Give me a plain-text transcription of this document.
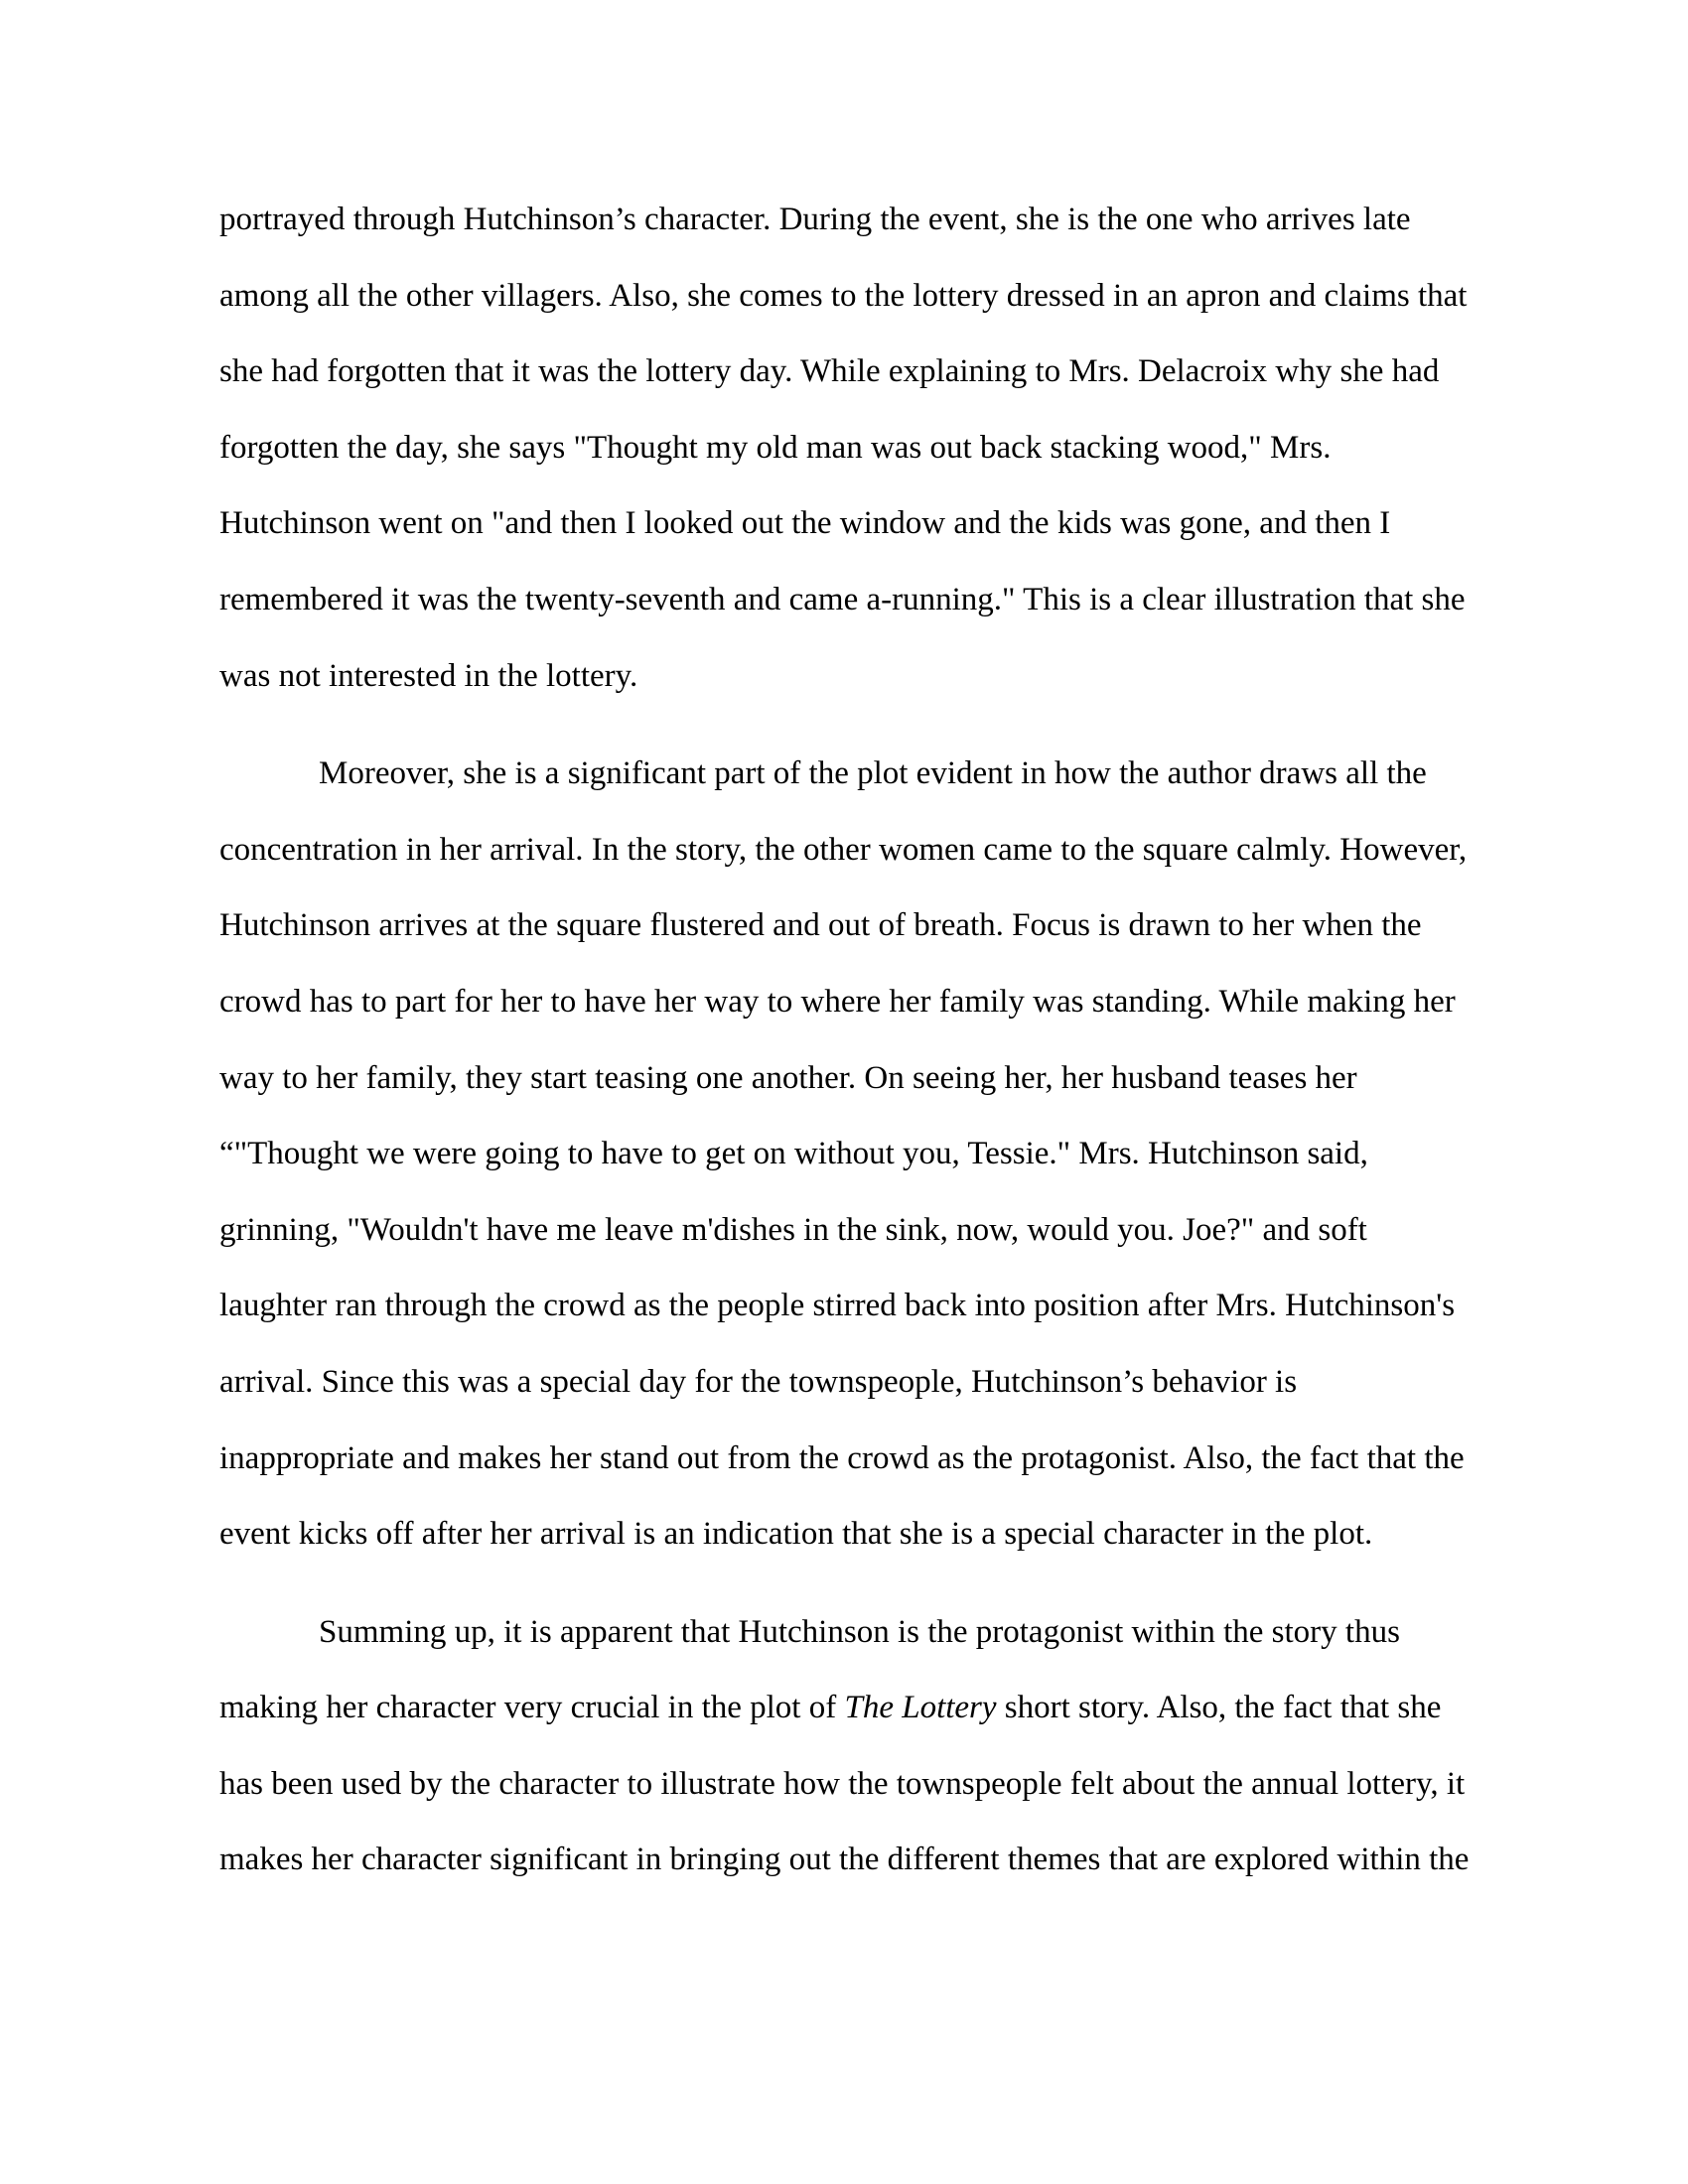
portrayed through Hutchinson’s character. During the event, she is the one who arrives late
among all the other villagers. Also, she comes to the lottery dressed in an apron and claims that
she had forgotten that it was the lottery day. While explaining to Mrs. Delacroix why she had
forgotten the day, she says "Thought my old man was out back stacking wood," Mrs.
Hutchinson went on "and then I looked out the window and the kids was gone, and then I
remembered it was the twenty-seventh and came a-running." This is a clear illustration that she
was not interested in the lottery.

Moreover, she is a significant part of the plot evident in how the author draws all the
concentration in her arrival. In the story, the other women came to the square calmly. However,
Hutchinson arrives at the square flustered and out of breath. Focus is drawn to her when the
crowd has to part for her to have her way to where her family was standing. While making her
way to her family, they start teasing one another. On seeing her, her husband teases her
“"Thought we were going to have to get on without you, Tessie." Mrs. Hutchinson said,
grinning, "Wouldn't have me leave m'dishes in the sink, now, would you. Joe?" and soft
laughter ran through the crowd as the people stirred back into position after Mrs. Hutchinson's
arrival. Since this was a special day for the townspeople, Hutchinson’s behavior is
inappropriate and makes her stand out from the crowd as the protagonist. Also, the fact that the
event kicks off after her arrival is an indication that she is a special character in the plot.

Summing up, it is apparent that Hutchinson is the protagonist within the story thus
making her character very crucial in the plot of The Lottery short story. Also, the fact that she
has been used by the character to illustrate how the townspeople felt about the annual lottery, it
makes her character significant in bringing out the different themes that are explored within the
